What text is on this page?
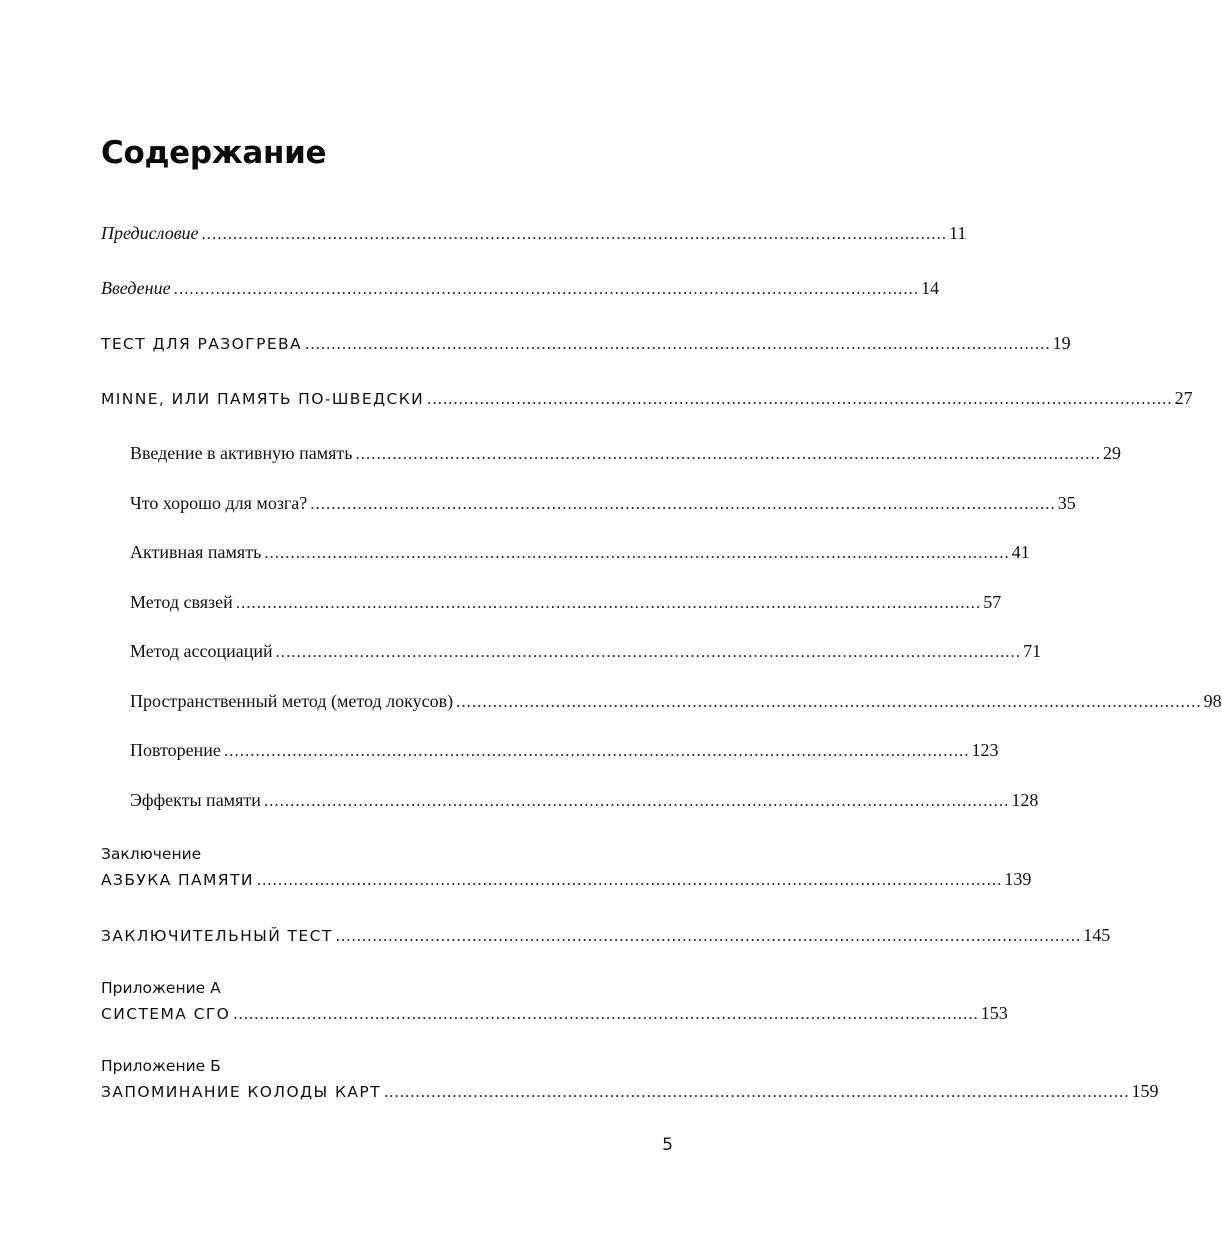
Содержание
Предисловие .............................................................................................................................................. 11
Введение .............................................................................................................................................. 14
ТЕСТ ДЛЯ РАЗОГРЕВА .............................................................................................................................................. 19
MINNE, ИЛИ ПАМЯТЬ ПО-ШВЕДСКИ .............................................................................................................................................. 27
Введение в активную память .............................................................................................................................................. 29
Что хорошо для мозга? .............................................................................................................................................. 35
Активная память .............................................................................................................................................. 41
Метод связей .............................................................................................................................................. 57
Метод ассоциаций .............................................................................................................................................. 71
Пространственный метод (метод локусов) .............................................................................................................................................. 98
Повторение .............................................................................................................................................. 123
Эффекты памяти .............................................................................................................................................. 128
Заключение
АЗБУКА ПАМЯТИ .............................................................................................................................................. 139
ЗАКЛЮЧИТЕЛЬНЫЙ ТЕСТ .............................................................................................................................................. 145
Приложение А
СИСТЕМА СГО .............................................................................................................................................. 153
Приложение Б
ЗАПОМИНАНИЕ КОЛОДЫ КАРТ .............................................................................................................................................. 159
5
